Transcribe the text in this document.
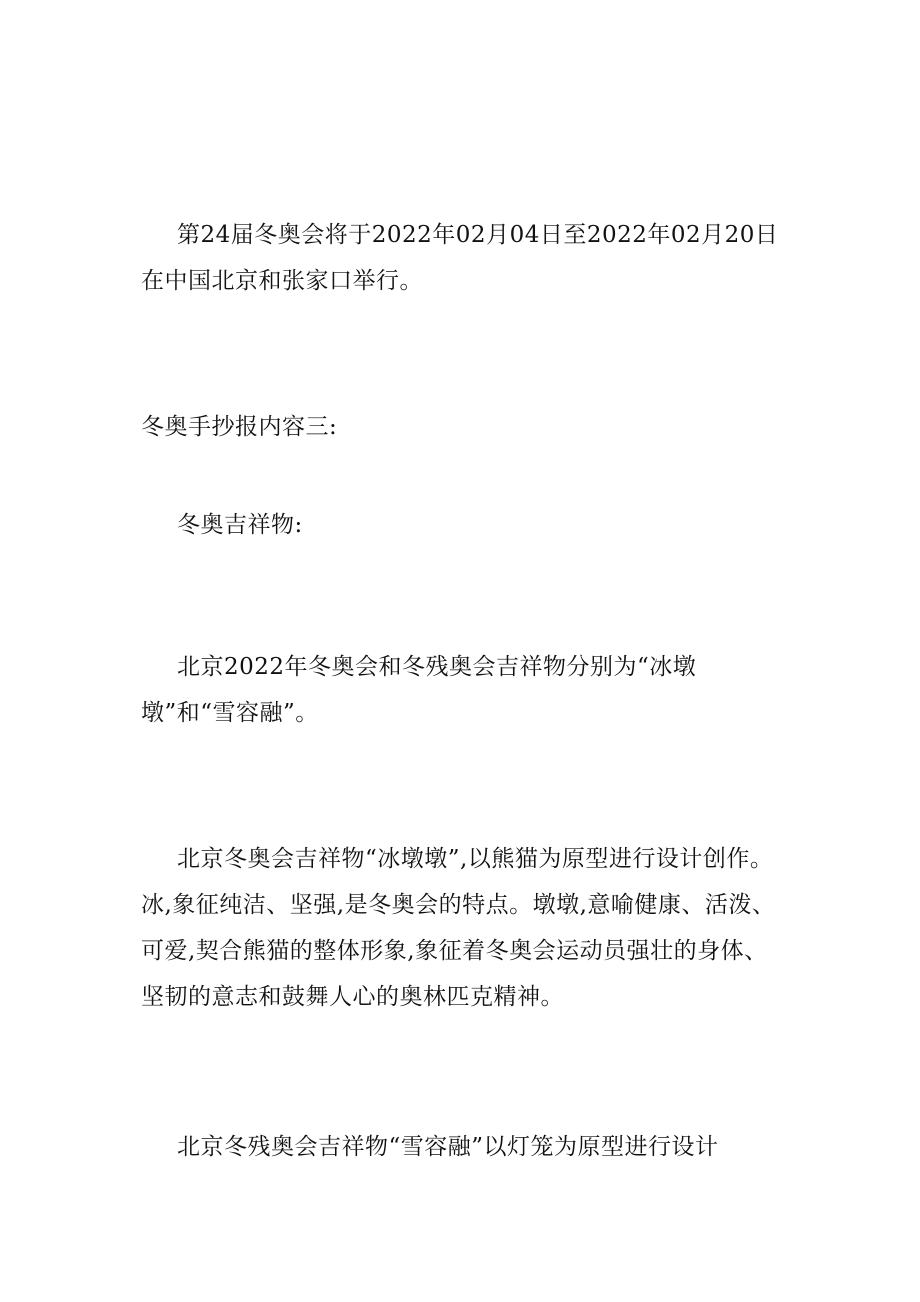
第24届冬奥会将于2022年02月04日至2022年02月20日在中国北京和张家口举行。

冬奥手抄报内容三:

冬奥吉祥物:

北京2022年冬奥会和冬残奥会吉祥物分别为“冰墩墩”和“雪容融”。

北京冬奥会吉祥物“冰墩墩”,以熊猫为原型进行设计创作。冰,象征纯洁、坚强,是冬奥会的特点。墩墩,意喻健康、活泼、可爱,契合熊猫的整体形象,象征着冬奥会运动员强壮的身体、坚韧的意志和鼓舞人心的奥林匹克精神。

北京冬残奥会吉祥物“雪容融”以灯笼为原型进行设计
